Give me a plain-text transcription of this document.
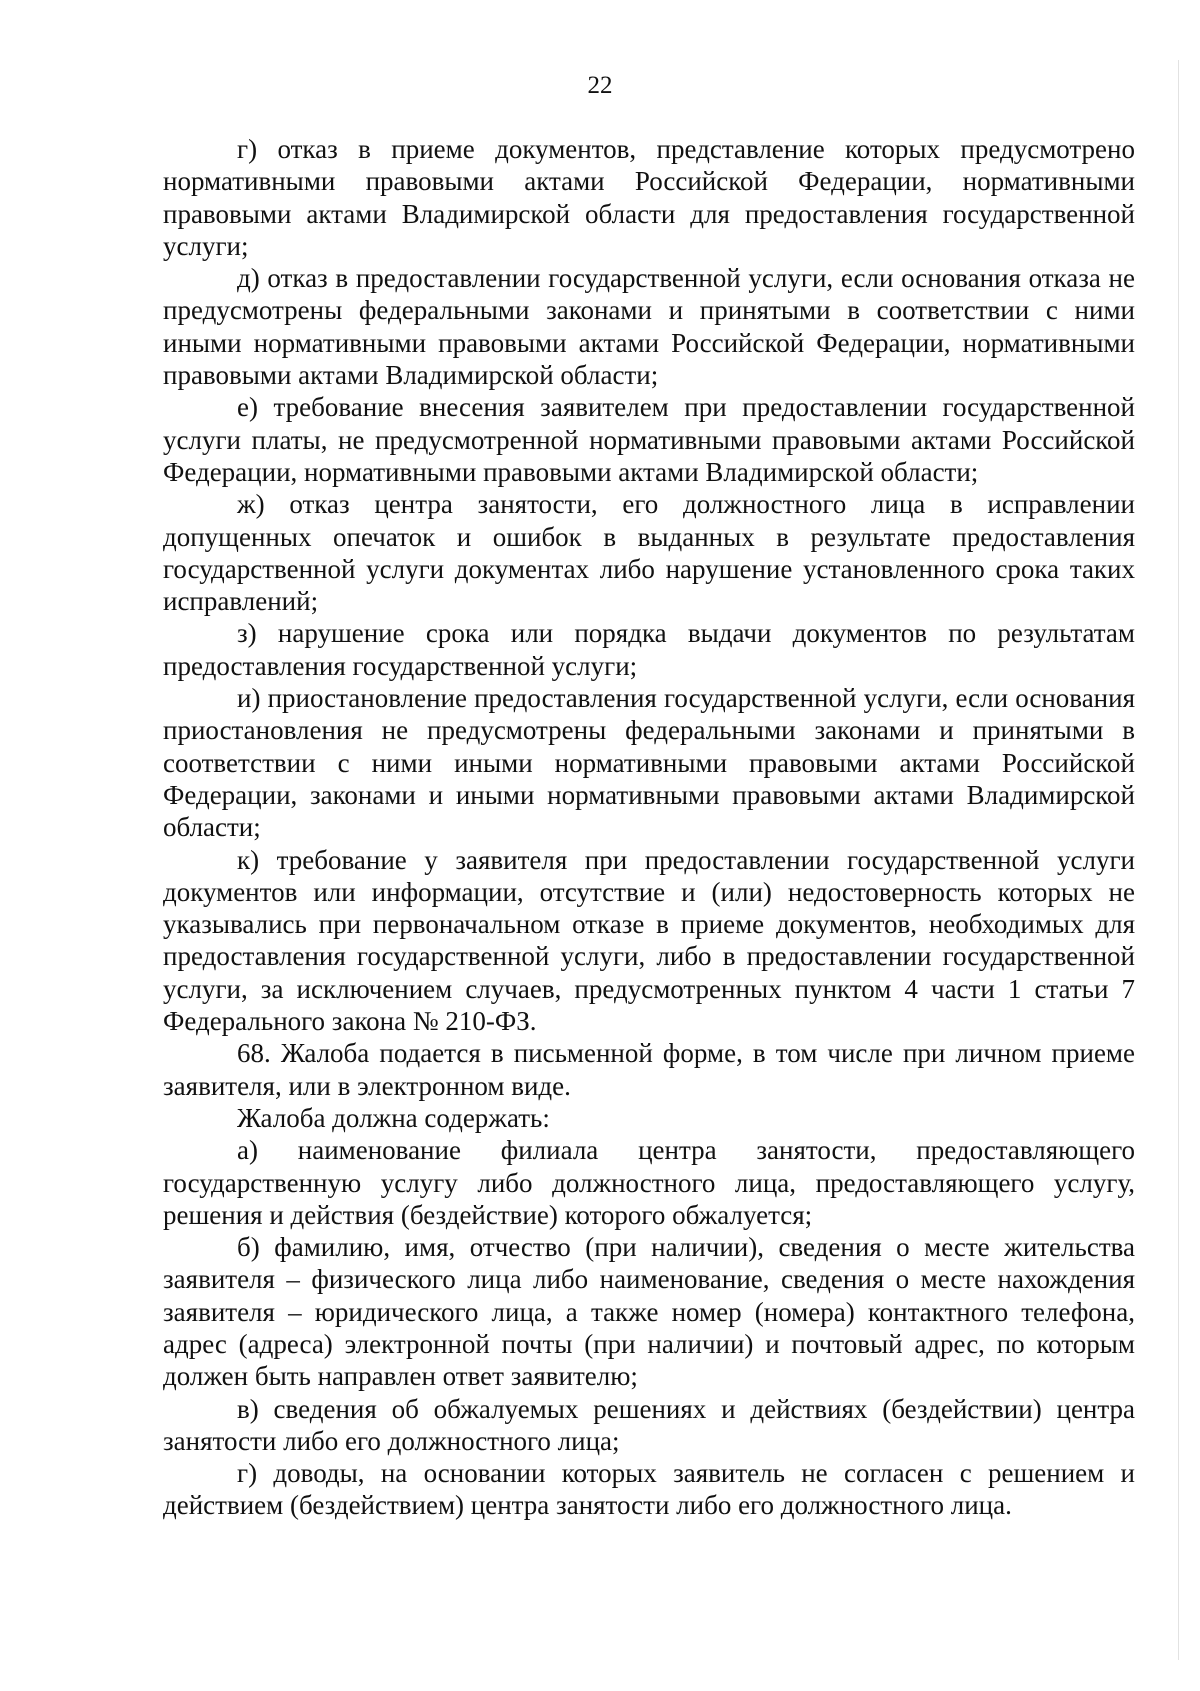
22

г) отказ в приеме документов, представление которых предусмотрено нормативными правовыми актами Российской Федерации, нормативными правовыми актами Владимирской области для предоставления государственной услуги;

д) отказ в предоставлении государственной услуги, если основания отказа не предусмотрены федеральными законами и принятыми в соответствии с ними иными нормативными правовыми актами Российской Федерации, нормативными правовыми актами Владимирской области;

е) требование внесения заявителем при предоставлении государственной услуги платы, не предусмотренной нормативными правовыми актами Российской Федерации, нормативными правовыми актами Владимирской области;

ж) отказ центра занятости, его должностного лица в исправлении допущенных опечаток и ошибок в выданных в результате предоставления государственной услуги документах либо нарушение установленного срока таких исправлений;

з) нарушение срока или порядка выдачи документов по результатам предоставления государственной услуги;

и) приостановление предоставления государственной услуги, если основания приостановления не предусмотрены федеральными законами и принятыми в соответствии с ними иными нормативными правовыми актами Российской Федерации, законами и иными нормативными правовыми актами Владимирской области;

к) требование у заявителя при предоставлении государственной услуги документов или информации, отсутствие и (или) недостоверность которых не указывались при первоначальном отказе в приеме документов, необходимых для предоставления государственной услуги, либо в предоставлении государственной услуги, за исключением случаев, предусмотренных пунктом 4 части 1 статьи 7 Федерального закона № 210-ФЗ.

68. Жалоба подается в письменной форме, в том числе при личном приеме заявителя, или в электронном виде.

Жалоба должна содержать:

а) наименование филиала центра занятости, предоставляющего государственную услугу либо должностного лица, предоставляющего услугу, решения и действия (бездействие) которого обжалуется;

б) фамилию, имя, отчество (при наличии), сведения о месте жительства заявителя – физического лица либо наименование, сведения о месте нахождения заявителя – юридического лица, а также номер (номера) контактного телефона, адрес (адреса) электронной почты (при наличии) и почтовый адрес, по которым должен быть направлен ответ заявителю;

в) сведения об обжалуемых решениях и действиях (бездействии) центра занятости либо его должностного лица;

г) доводы, на основании которых заявитель не согласен с решением и действием (бездействием) центра занятости либо его должностного лица.
